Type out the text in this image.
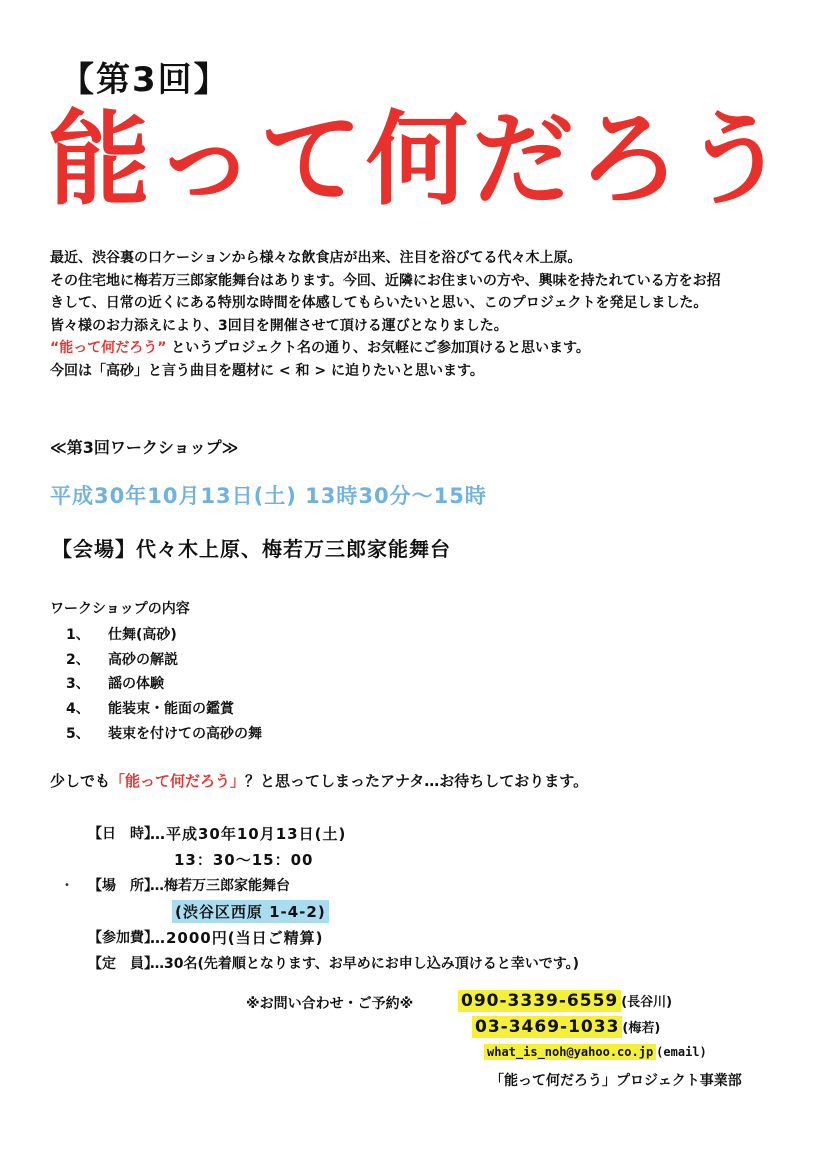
【第3回】
能って何だろう
最近、渋谷裏の口ケーションから様々な飲食店が出来、注目を浴びてる代々木上原。
その住宅地に梅若万三郎家能舞台はあります。今回、近隣にお住まいの方や、興味を持たれている方をお招
きして、日常の近くにある特別な時間を体感してもらいたいと思い、このプロジェクトを発足しました。
皆々様のお力添えにより、3回目を開催させて頂ける運びとなりました。
“能って何だろう” というプロジェクト名の通り、お気軽にご参加頂けると思います。
今回は「高砂」と言う曲目を題材に < 和 > に迫りたいと思います。
≪第3回ワークショップ≫
平成30年10月13日(土) 13時30分～15時
【会場】代々木上原、梅若万三郎家能舞台
ワークショップの内容
1、	仕舞(高砂)
2、	高砂の解説
3、	謡の体験
4、	能装束・能面の鑑賞
5、	装束を付けての高砂の舞
少しでも「能って何だろう」？と思ってしまったアナタ…お待ちしております。
•
【日　時】
…平成30年10月13日(土)
13：30～15：00
【場　所】
…梅若万三郎家能舞台
(渋谷区西原 1-4-2)
【参加費】
…2000円(当日ご精算)
【定　員】
…30名(先着順となります、お早めにお申し込み頂けると幸いです。)
※お問い合わせ・ご予約※	090-3339-6559 (長谷川)
03-3469-1033 (梅若)
what_is_noh@yahoo.co.jp (email)
「能って何だろう」プロジェクト事業部
